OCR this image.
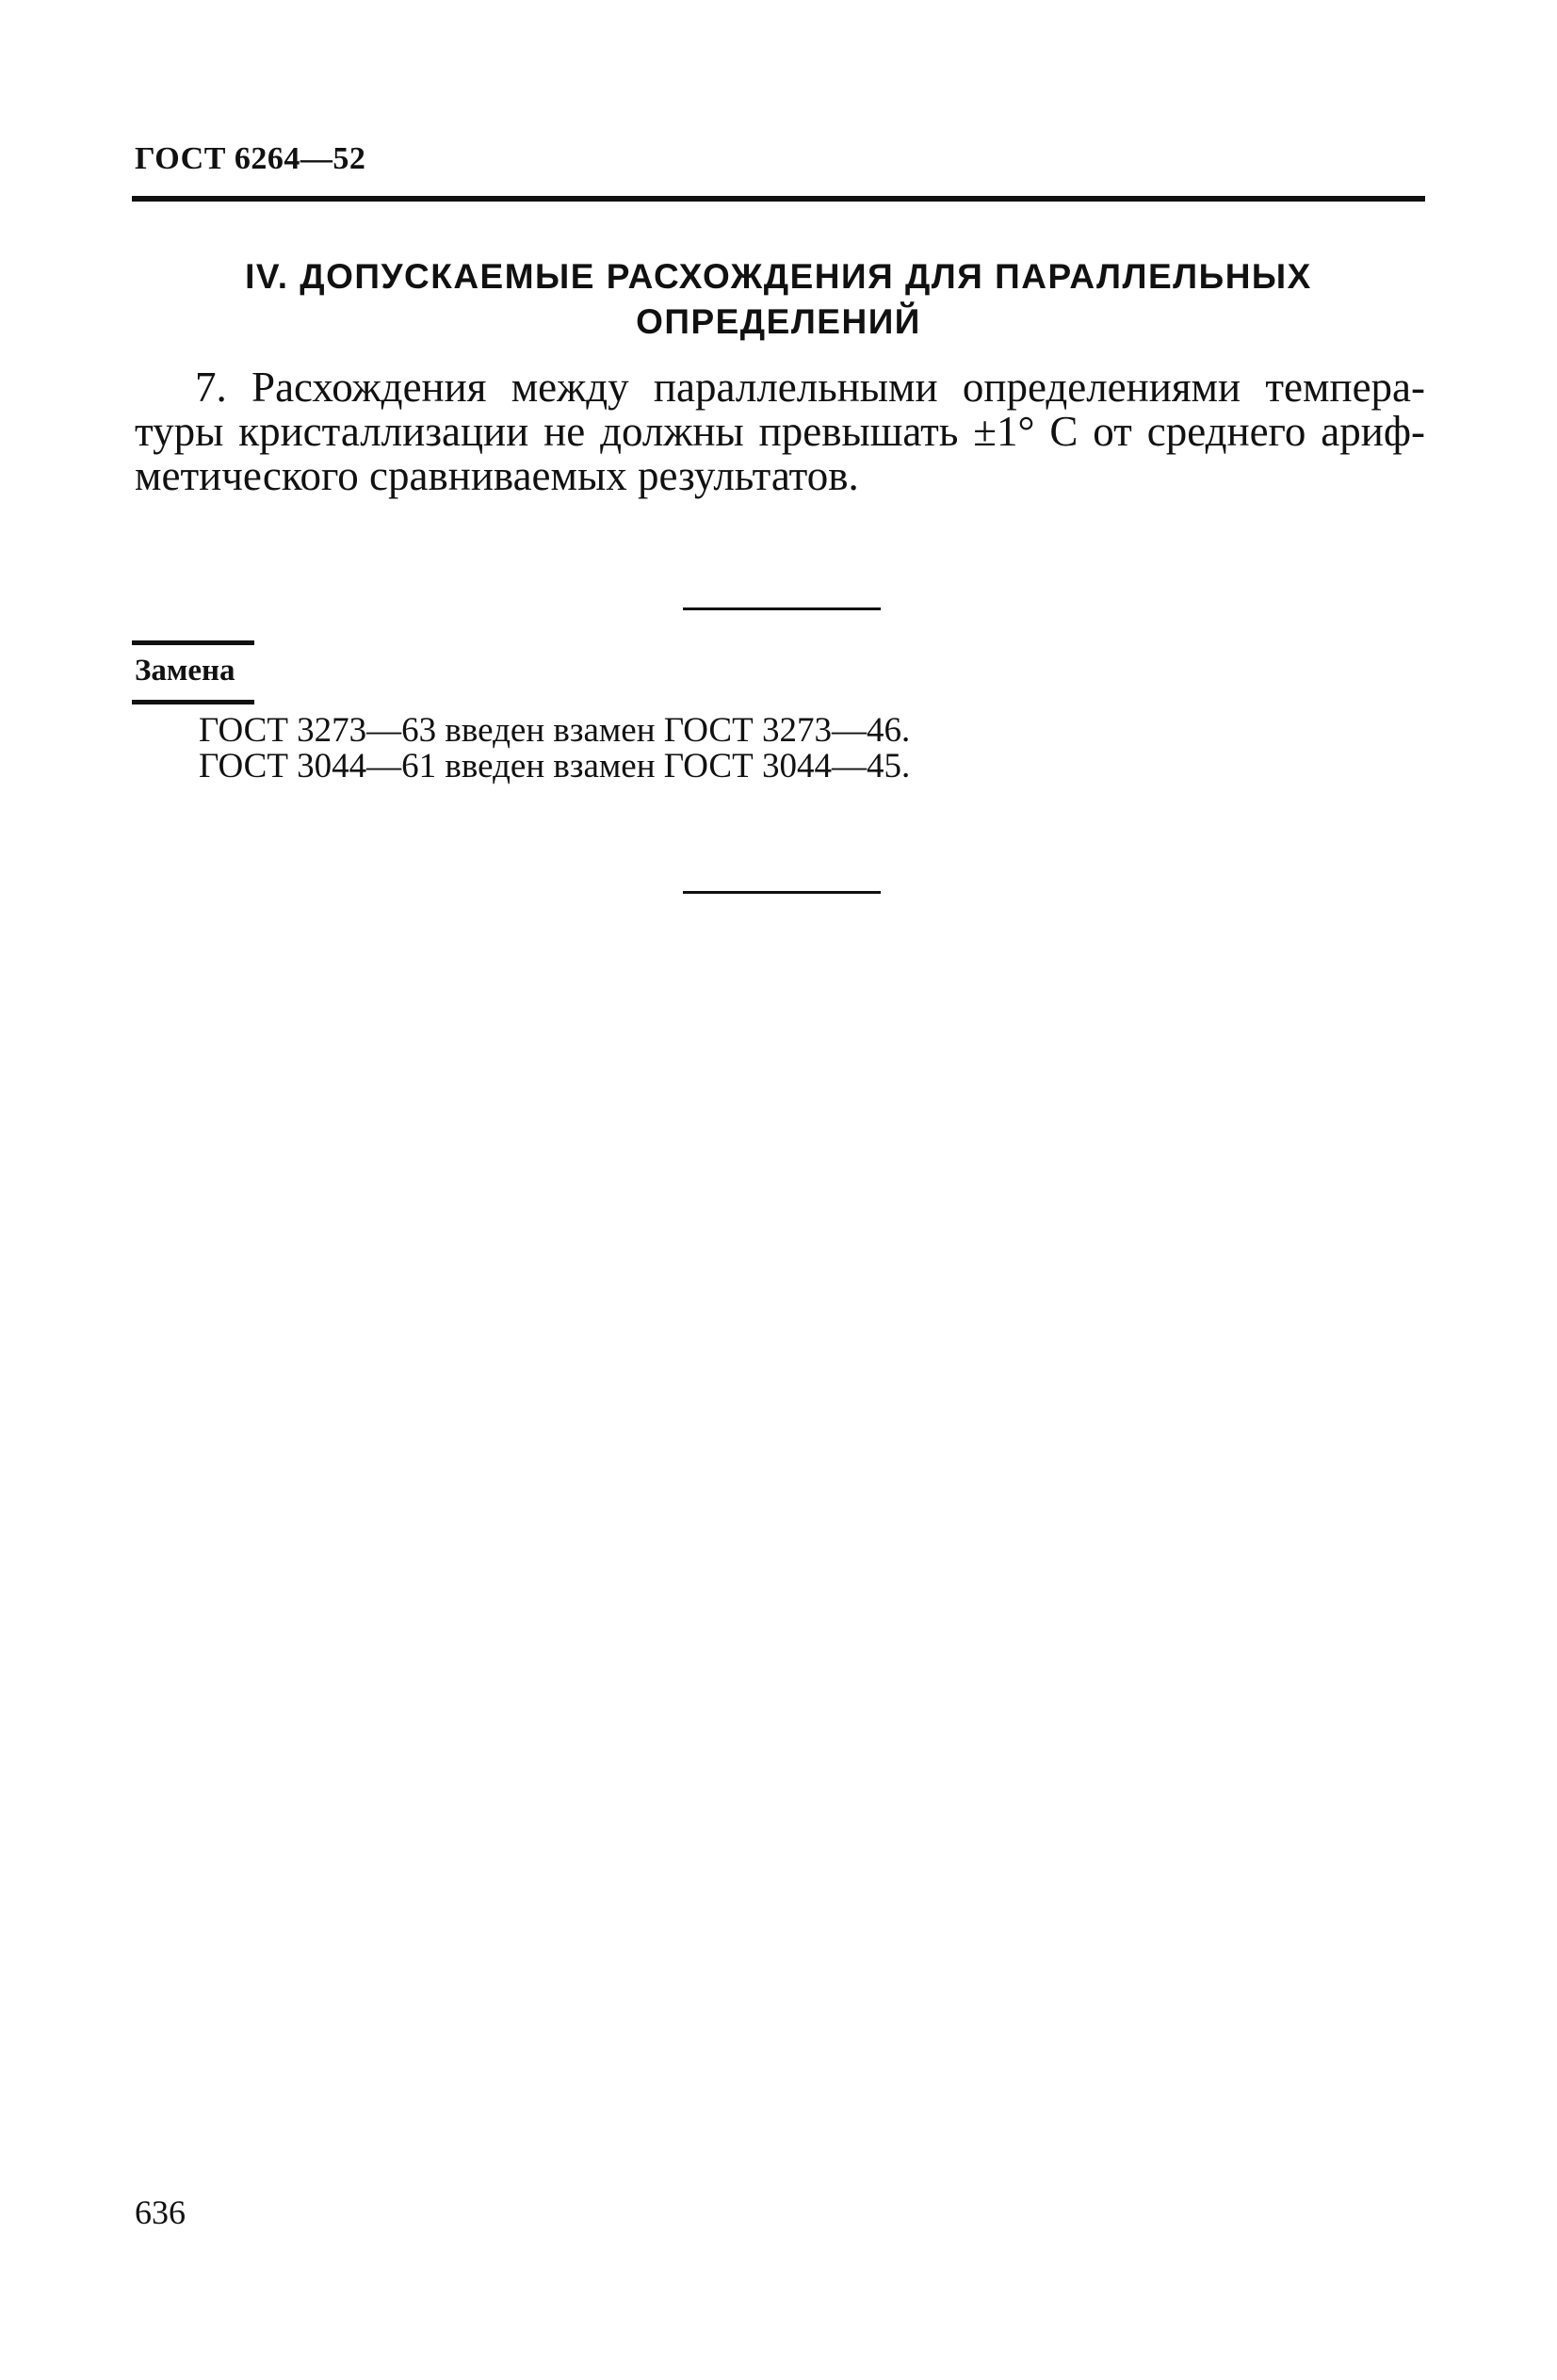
ГОСТ 6264—52
IV. ДОПУСКАЕМЫЕ РАСХОЖДЕНИЯ ДЛЯ ПАРАЛЛЕЛЬНЫХ
ОПРЕДЕЛЕНИЙ
7. Расхождения между параллельными определениями темпера-
туры кристаллизации не должны превышать ±1° С от среднего ариф-
метического сравниваемых результатов.
Замена
ГОСТ 3273—63 введен взамен ГОСТ 3273—46.
ГОСТ 3044—61 введен взамен ГОСТ 3044—45.
636
